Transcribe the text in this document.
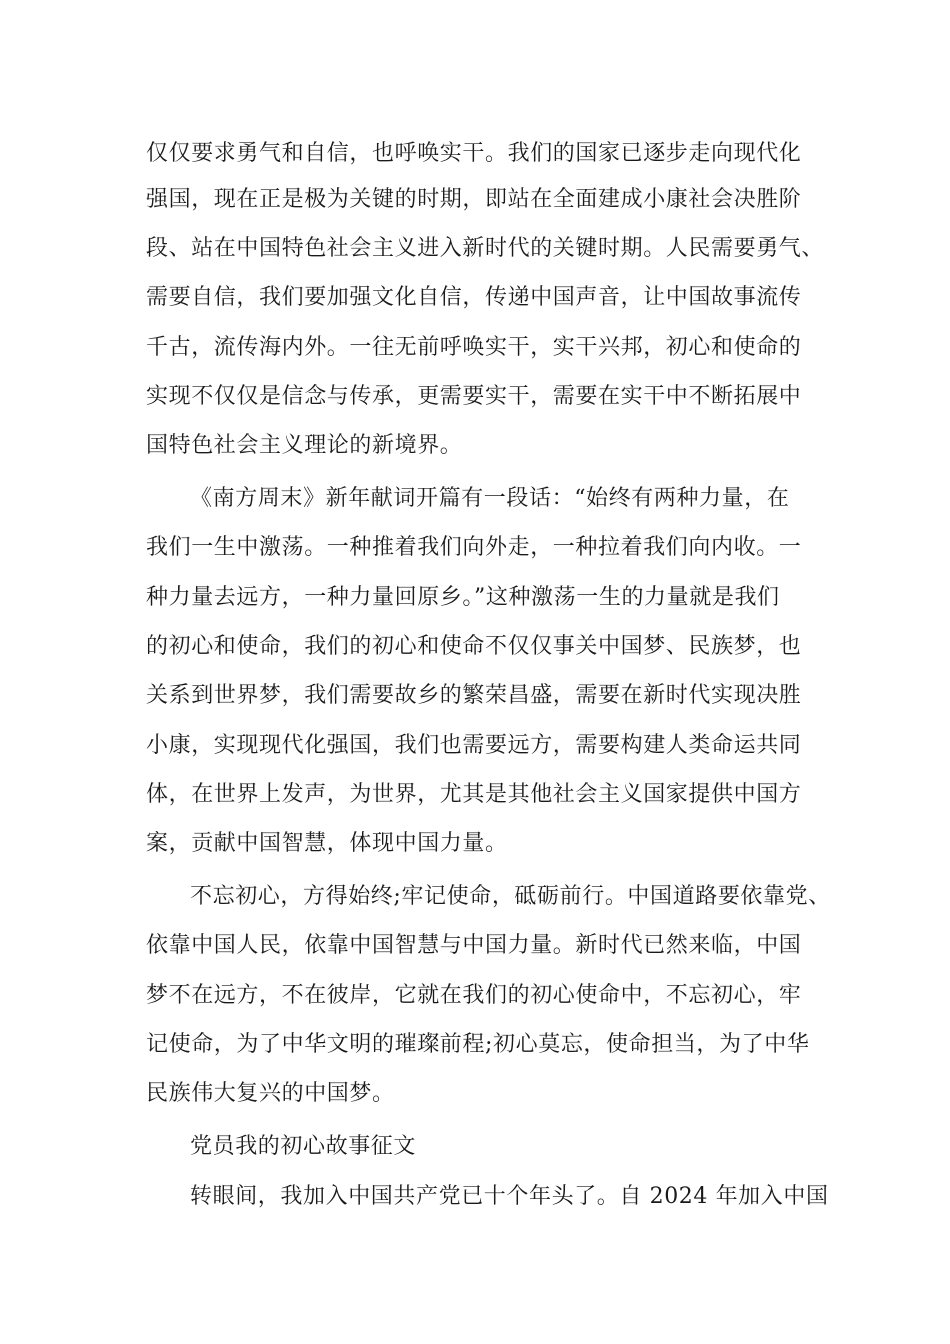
仅仅要求勇气和自信，也呼唤实干。我们的国家已逐步走向现代化
强国，现在正是极为关键的时期，即站在全面建成小康社会决胜阶
段、站在中国特色社会主义进入新时代的关键时期。人民需要勇气、
需要自信，我们要加强文化自信，传递中国声音，让中国故事流传
千古，流传海内外。一往无前呼唤实干，实干兴邦，初心和使命的
实现不仅仅是信念与传承，更需要实干，需要在实干中不断拓展中
国特色社会主义理论的新境界。
《南方周末》新年献词开篇有一段话：“始终有两种力量，在
我们一生中激荡。一种推着我们向外走，一种拉着我们向内收。一
种力量去远方，一种力量回原乡。”这种激荡一生的力量就是我们
的初心和使命，我们的初心和使命不仅仅事关中国梦、民族梦，也
关系到世界梦，我们需要故乡的繁荣昌盛，需要在新时代实现决胜
小康，实现现代化强国，我们也需要远方，需要构建人类命运共同
体，在世界上发声，为世界，尤其是其他社会主义国家提供中国方
案，贡献中国智慧，体现中国力量。
不忘初心，方得始终;牢记使命，砥砺前行。中国道路要依靠党、
依靠中国人民，依靠中国智慧与中国力量。新时代已然来临，中国
梦不在远方，不在彼岸，它就在我们的初心使命中，不忘初心，牢
记使命，为了中华文明的璀璨前程;初心莫忘，使命担当，为了中华
民族伟大复兴的中国梦。
党员我的初心故事征文
转眼间，我加入中国共产党已十个年头了。自 2024 年加入中国
